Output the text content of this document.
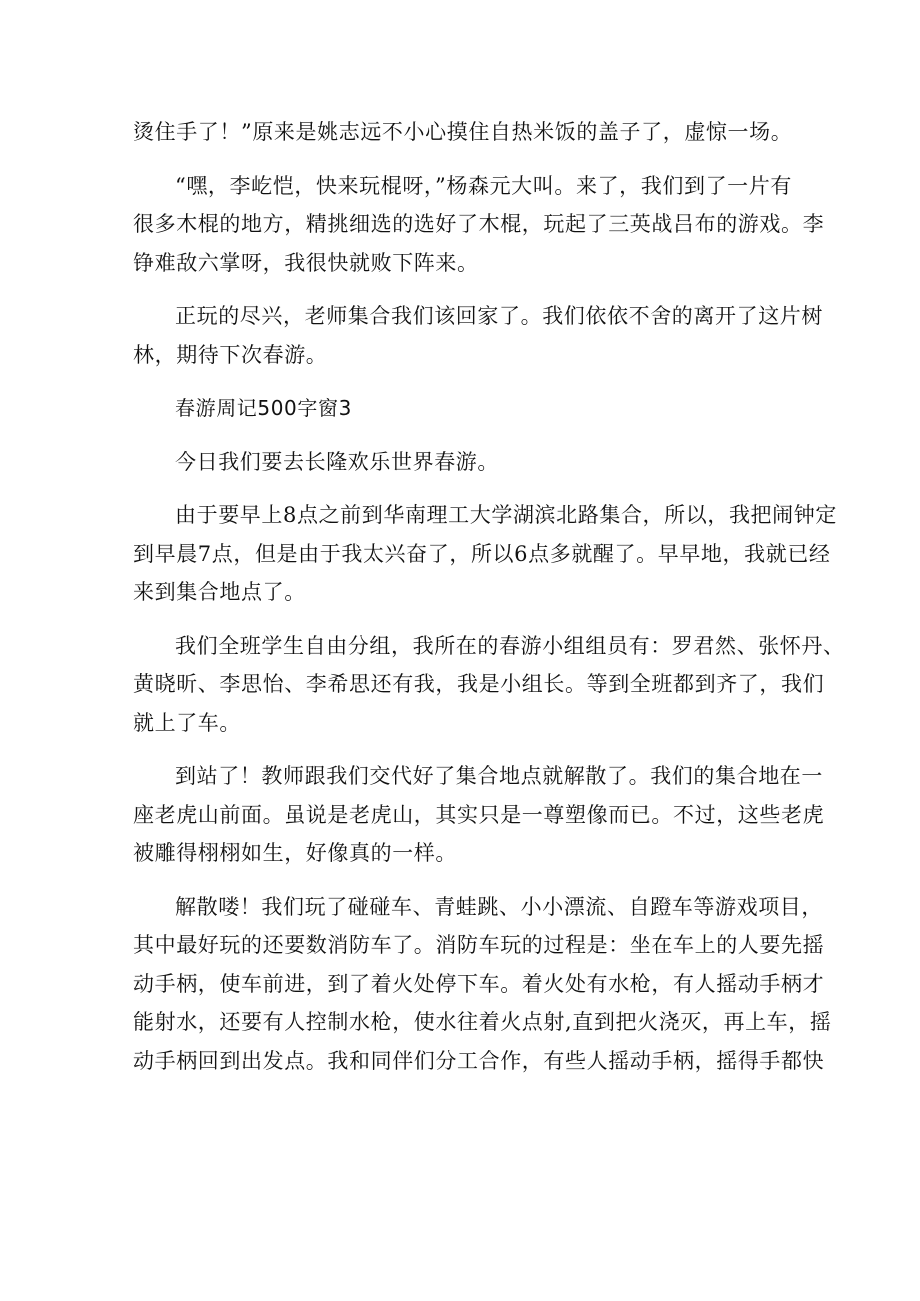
烫住手了！”原来是姚志远不小心摸住自热米饭的盖子了，虚惊一场。

“嘿，李屹恺，快来玩棍呀，”杨森元大叫。来了，我们到了一片有
很多木棍的地方，精挑细选的选好了木棍，玩起了三英战吕布的游戏。李
铮难敌六掌呀，我很快就败下阵来。

正玩的尽兴，老师集合我们该回家了。我们依依不舍的离开了这片树
林，期待下次春游。

春游周记500字窗3

今日我们要去长隆欢乐世界春游。

由于要早上8点之前到华南理工大学湖滨北路集合，所以，我把闹钟定
到早晨7点，但是由于我太兴奋了，所以6点多就醒了。早早地，我就已经
来到集合地点了。

我们全班学生自由分组，我所在的春游小组组员有：罗君然、张怀丹、
黄晓昕、李思怡、李希思还有我，我是小组长。等到全班都到齐了，我们
就上了车。

到站了！教师跟我们交代好了集合地点就解散了。我们的集合地在一
座老虎山前面。虽说是老虎山，其实只是一尊塑像而已。不过，这些老虎
被雕得栩栩如生，好像真的一样。

解散喽！我们玩了碰碰车、青蛙跳、小小漂流、自蹬车等游戏项目，
其中最好玩的还要数消防车了。消防车玩的过程是：坐在车上的人要先摇
动手柄，使车前进，到了着火处停下车。着火处有水枪，有人摇动手柄才
能射水，还要有人控制水枪，使水往着火点射,直到把火浇灭，再上车，摇
动手柄回到出发点。我和同伴们分工合作，有些人摇动手柄，摇得手都快
